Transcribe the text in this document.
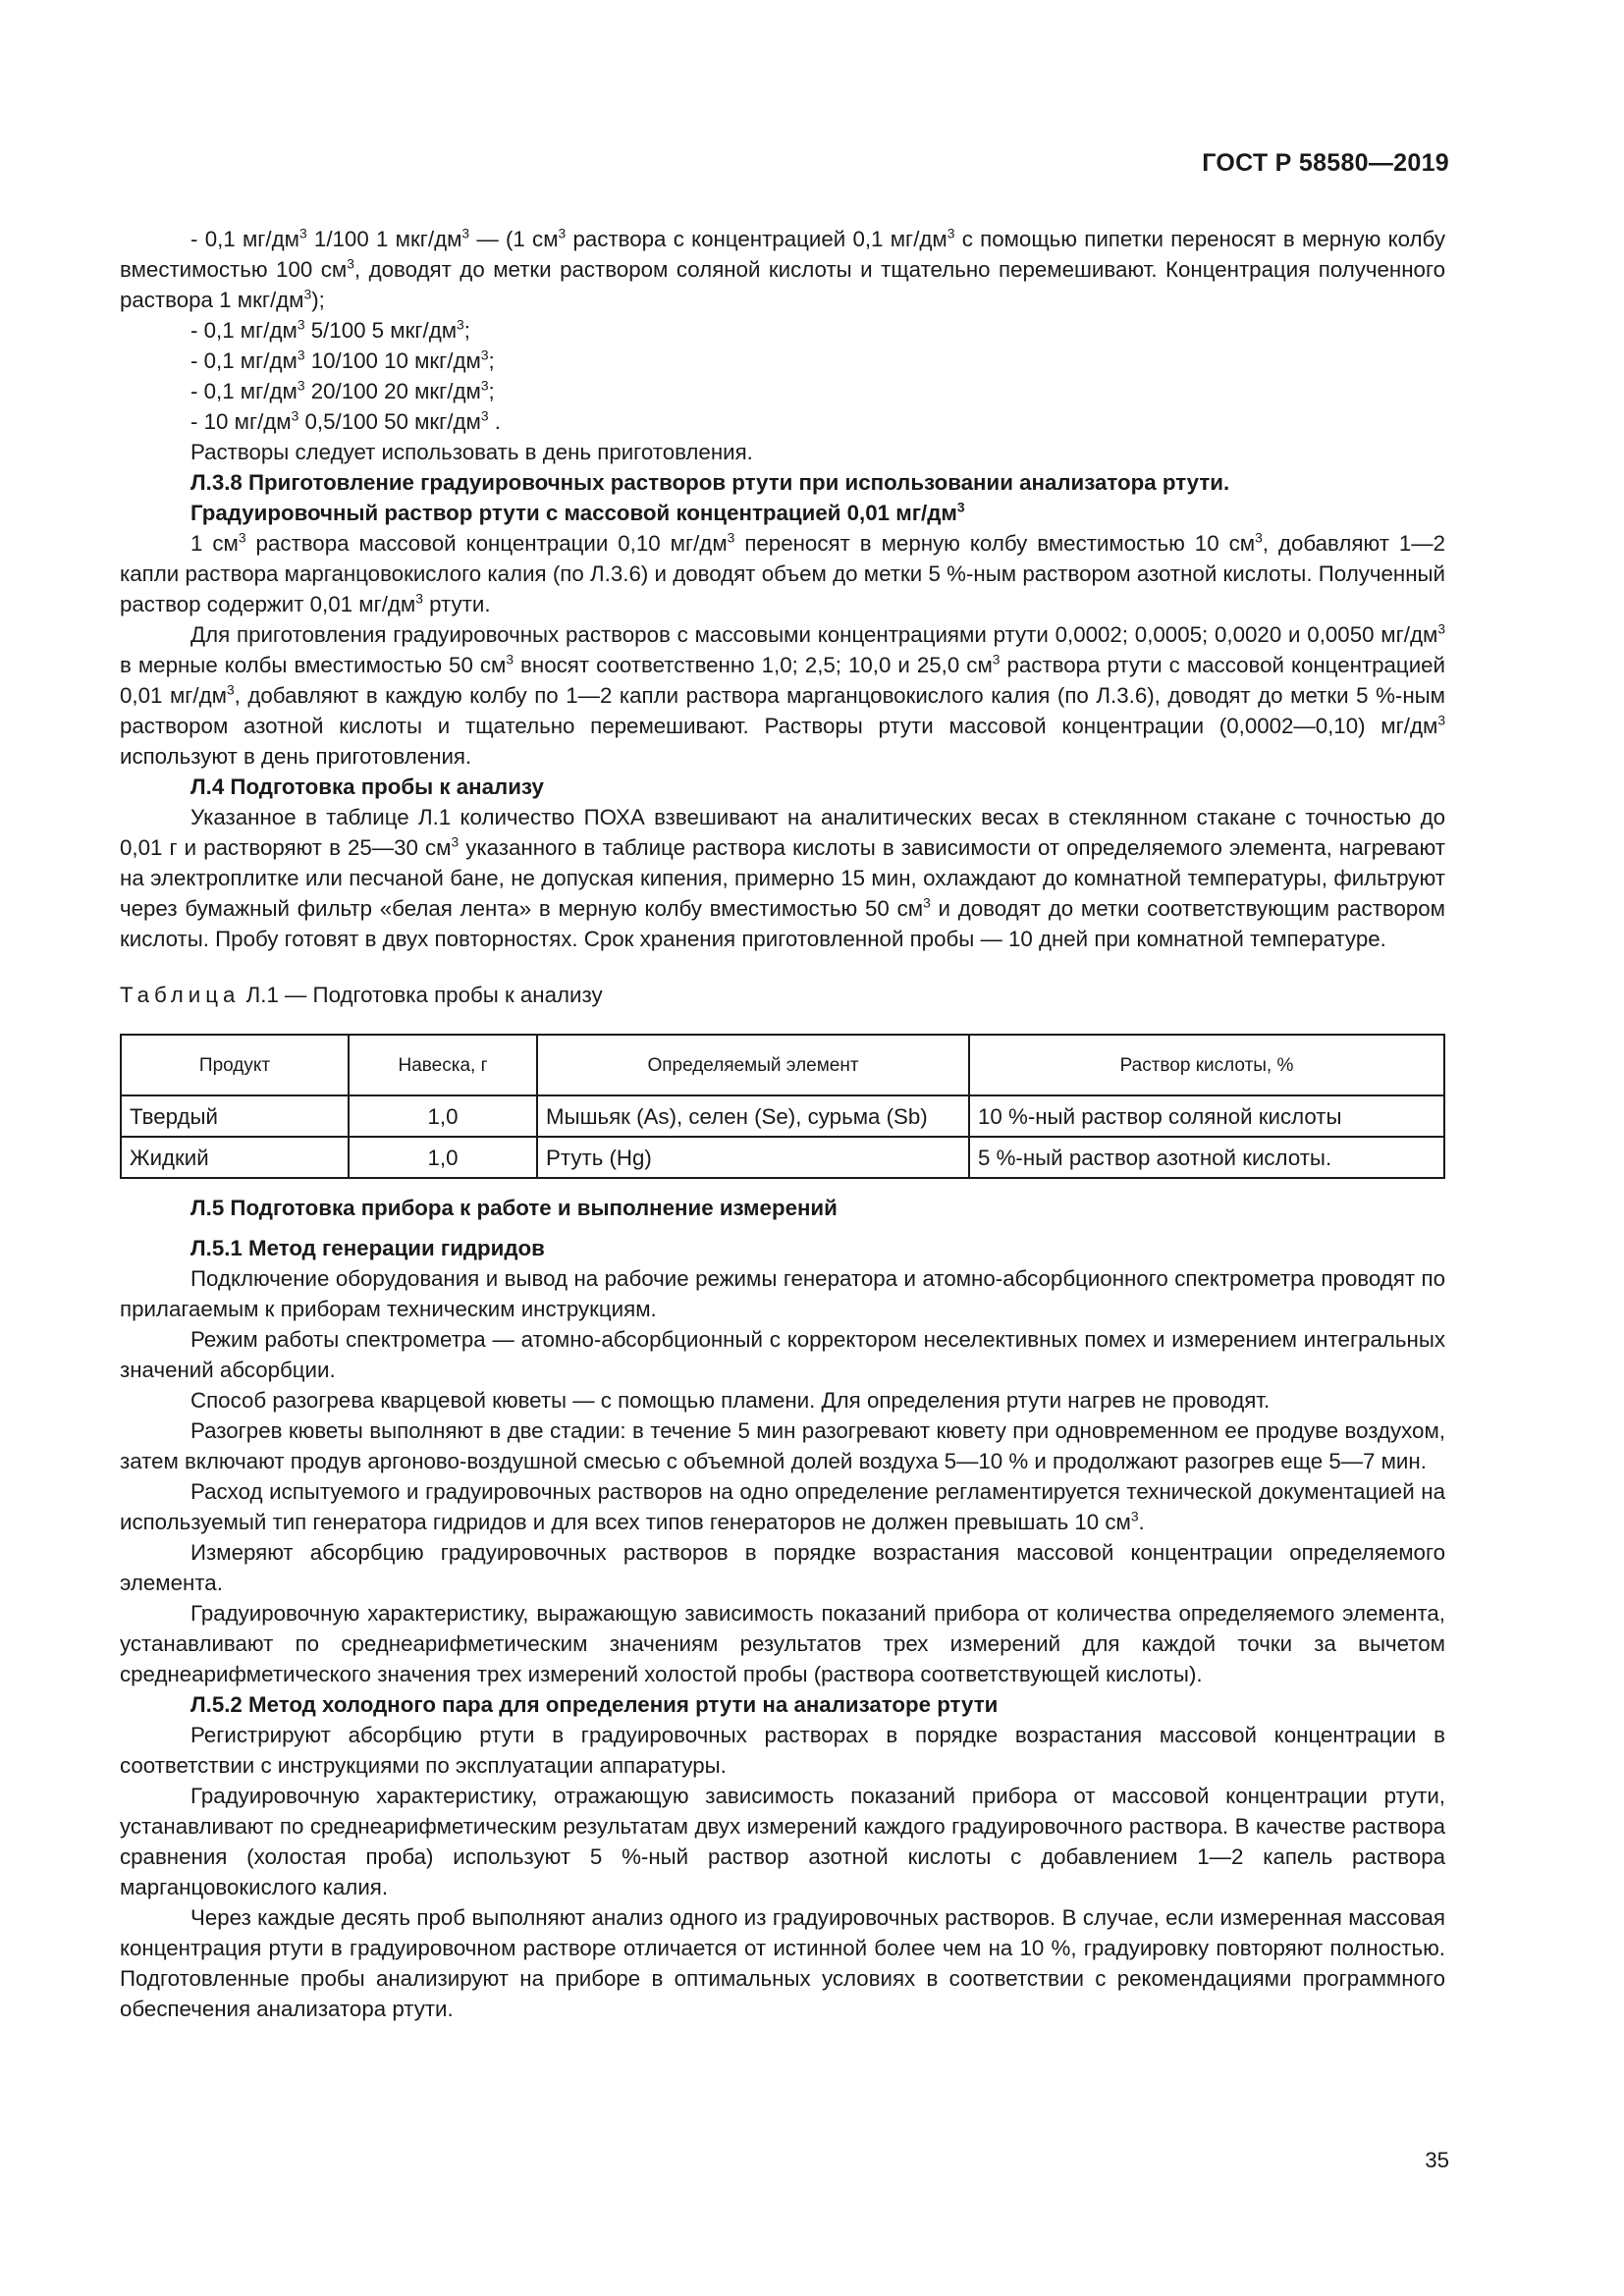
ГОСТ Р 58580—2019

- 0,1 $мг/дм^3$ 1/100 1 мкг/$дм^3$ — (1 $см^3$ раствора с концентрацией 0,1 $мг/дм^3$ с помощью пипетки переносят в мерную колбу вместимостью 100 $см^3$, доводят до метки раствором соляной кислоты и тщательно перемешивают. Концентрация полученного раствора 1 мкг/$дм^3$);

- 0,1 $мг/дм^3$ 5/100 5 мкг/$дм^3$;

- 0,1 $мг/дм^3$ 10/100 10 мкг/$дм^3$;

- 0,1 $мг/дм^3$ 20/100 20 мкг/$дм^3$;

- 10 $мг/дм^3$ 0,5/100 50 мкг/$дм^3$ .

Растворы следует использовать в день приготовления.

Л.3.8 Приготовление градуировочных растворов ртути при использовании анализатора ртути.

Градуировочный раствор ртути с массовой концентрацией 0,01 $мг/дм^3$

1 $см^3$ раствора массовой концентрации 0,10 $мг/дм^3$ переносят в мерную колбу вместимостью 10 $см^3$, добавляют 1—2 капли раствора марганцовокислого калия (по Л.3.6) и доводят объем до метки 5 %-ным раствором азотной кислоты. Полученный раствор содержит 0,01 $мг/дм^3$ ртути.

Для приготовления градуировочных растворов с массовыми концентрациями ртути 0,0002; 0,0005; 0,0020 и 0,0050 $мг/дм^3$ в мерные колбы вместимостью 50 $см^3$ вносят соответственно 1,0; 2,5; 10,0 и 25,0 $см^3$ раствора ртути с массовой концентрацией 0,01 $мг/дм^3$, добавляют в каждую колбу по 1—2 капли раствора марганцовокислого калия (по Л.3.6), доводят до метки 5 %-ным раствором азотной кислоты и тщательно перемешивают. Растворы ртути массовой концентрации (0,0002—0,10) $мг/дм^3$ используют в день приготовления.

Л.4 Подготовка пробы к анализу

Указанное в таблице Л.1 количество ПОХА взвешивают на аналитических весах в стеклянном стакане с точностью до 0,01 г и растворяют в 25—30 $см^3$ указанного в таблице раствора кислоты в зависимости от определяемого элемента, нагревают на электроплитке или песчаной бане, не допуская кипения, примерно 15 мин, охлаждают до комнатной температуры, фильтруют через бумажный фильтр «белая лента» в мерную колбу вместимостью 50 $см^3$ и доводят до метки соответствующим раствором кислоты. Пробу готовят в двух повторностях. Срок хранения приготовленной пробы — 10 дней при комнатной температуре.

Таблица Л.1 — Подготовка пробы к анализу
Продукт	Навеска, г	Определяемый элемент	Раствор кислоты, %
Твердый	1,0	Мышьяк (As), селен (Se), сурьма (Sb)	10 %-ный раствор соляной кислоты
Жидкий	1,0	Ртуть (Hg)	5 %-ный раствор азотной кислоты.

Л.5 Подготовка прибора к работе и выполнение измерений

Л.5.1 Метод генерации гидридов

Подключение оборудования и вывод на рабочие режимы генератора и атомно-абсорбционного спектрометра проводят по прилагаемым к приборам техническим инструкциям.

Режим работы спектрометра — атомно-абсорбционный с корректором неселективных помех и измерением интегральных значений абсорбции.

Способ разогрева кварцевой кюветы — с помощью пламени. Для определения ртути нагрев не проводят.

Разогрев кюветы выполняют в две стадии: в течение 5 мин разогревают кювету при одновременном ее продуве воздухом, затем включают продув аргоново-воздушной смесью с объемной долей воздуха 5—10 % и продолжают разогрев еще 5—7 мин.

Расход испытуемого и градуировочных растворов на одно определение регламентируется технической документацией на используемый тип генератора гидридов и для всех типов генераторов не должен превышать 10 $см^3$.

Измеряют абсорбцию градуировочных растворов в порядке возрастания массовой концентрации определяемого элемента.

Градуировочную характеристику, выражающую зависимость показаний прибора от количества определяемого элемента, устанавливают по среднеарифметическим значениям результатов трех измерений для каждой точки за вычетом среднеарифметического значения трех измерений холостой пробы (раствора соответствующей кислоты).

Л.5.2 Метод холодного пара для определения ртути на анализаторе ртути

Регистрируют абсорбцию ртути в градуировочных растворах в порядке возрастания массовой концентрации в соответствии с инструкциями по эксплуатации аппаратуры.

Градуировочную характеристику, отражающую зависимость показаний прибора от массовой концентрации ртути, устанавливают по среднеарифметическим результатам двух измерений каждого градуировочного раствора. В качестве раствора сравнения (холостая проба) используют 5 %-ный раствор азотной кислоты с добавлением 1—2 капель раствора марганцовокислого калия.

Через каждые десять проб выполняют анализ одного из градуировочных растворов. В случае, если измеренная массовая концентрация ртути в градуировочном растворе отличается от истинной более чем на 10 %, градуировку повторяют полностью. Подготовленные пробы анализируют на приборе в оптимальных условиях в соответствии с рекомендациями программного обеспечения анализатора ртути.

35
